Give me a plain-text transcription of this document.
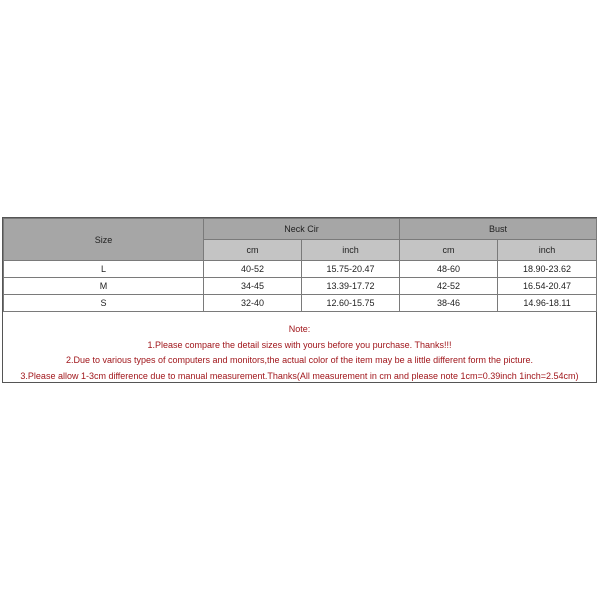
Size	Neck Cir		Bust	
	cm	inch	cm	inch
L	40-52	15.75-20.47	48-60	18.90-23.62
M	34-45	13.39-17.72	42-52	16.54-20.47
S	32-40	12.60-15.75	38-46	14.96-18.11
Note:
1.Please compare the detail sizes with yours before you purchase. Thanks!!!
2.Due to various types of computers and monitors,the actual color of the item may be a little different form the picture.
3.Please allow 1-3cm difference due to manual measurement.Thanks(All measurement in cm and please note 1cm=0.39inch 1inch=2.54cm)
